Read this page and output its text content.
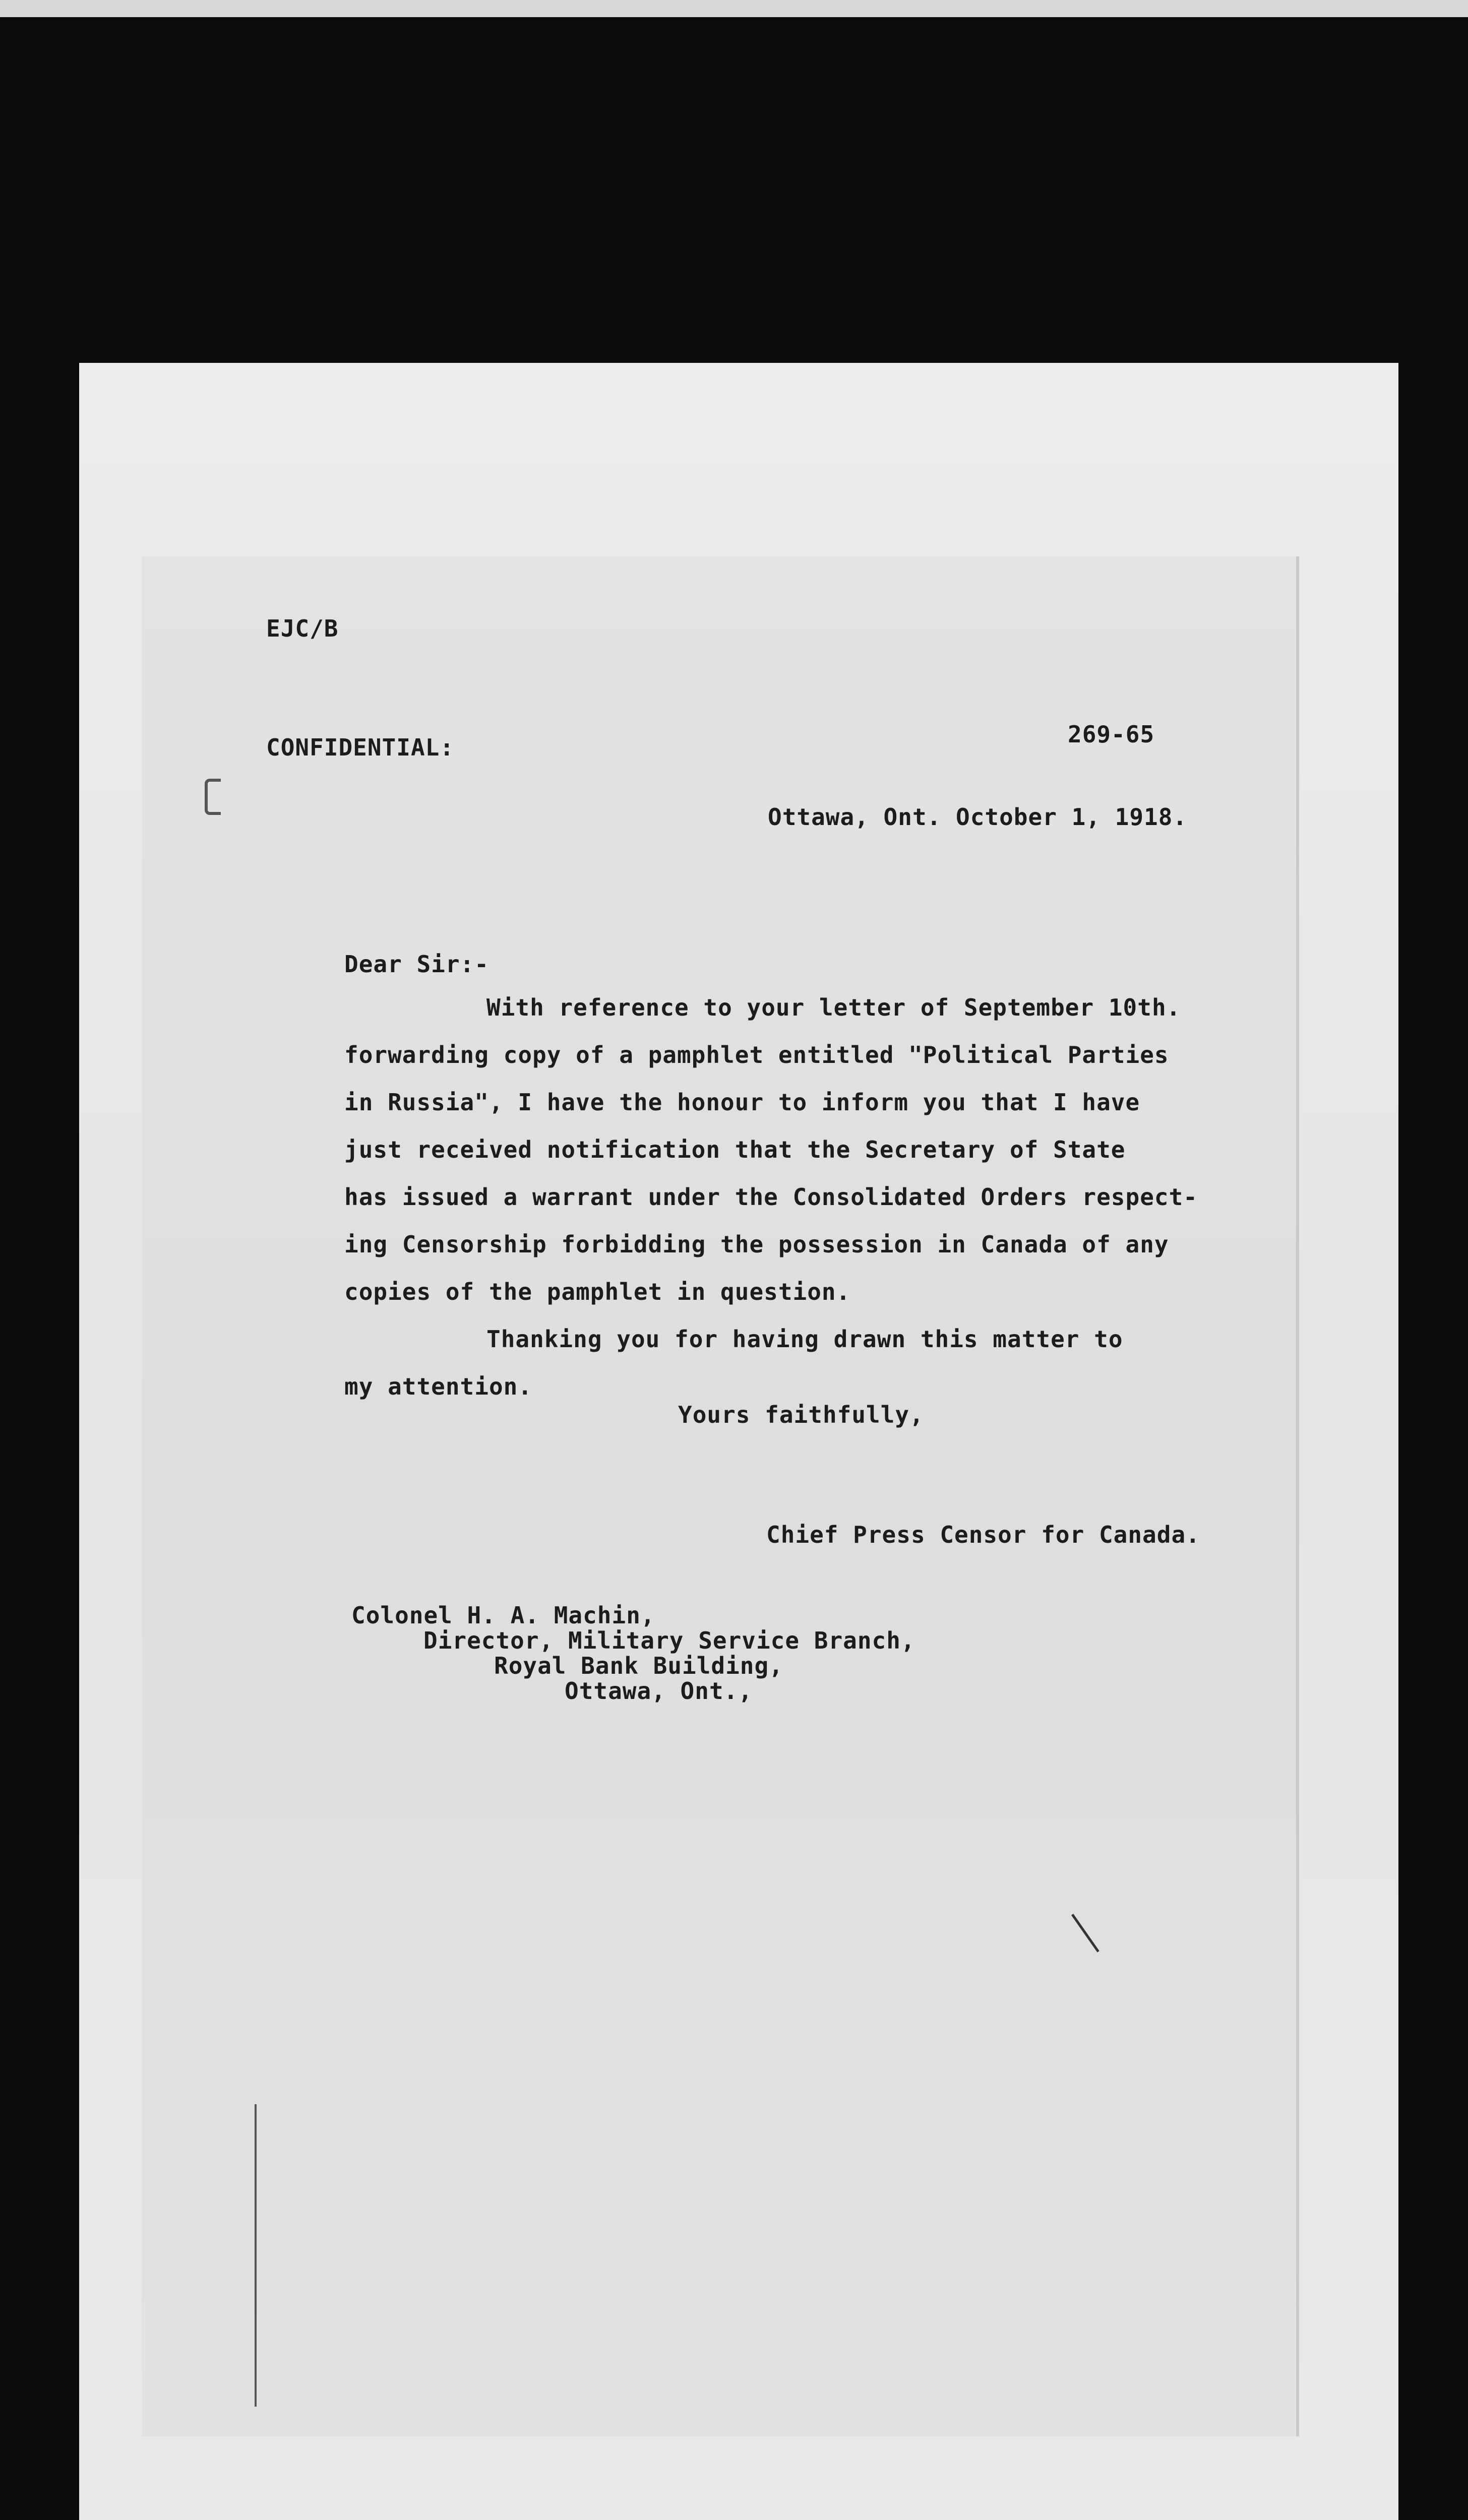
EJC/B

CONFIDENTIAL:	269-65

Ottawa, Ont. October 1, 1918.

Dear Sir:-

With reference to your letter of September 10th.

forwarding copy of a pamphlet entitled "Political Parties

in Russia", I have the honour to inform you that I have

just received notification that the Secretary of State

has issued a warrant under the Consolidated Orders respect-

ing Censorship forbidding the possession in Canada of any

copies of the pamphlet in question.

Thanking you for having drawn this matter to

my attention.

Yours faithfully,

Chief Press Censor for Canada.

Colonel H. A. Machin,

Director, Military Service Branch,

Royal Bank Building,

Ottawa, Ont.,
